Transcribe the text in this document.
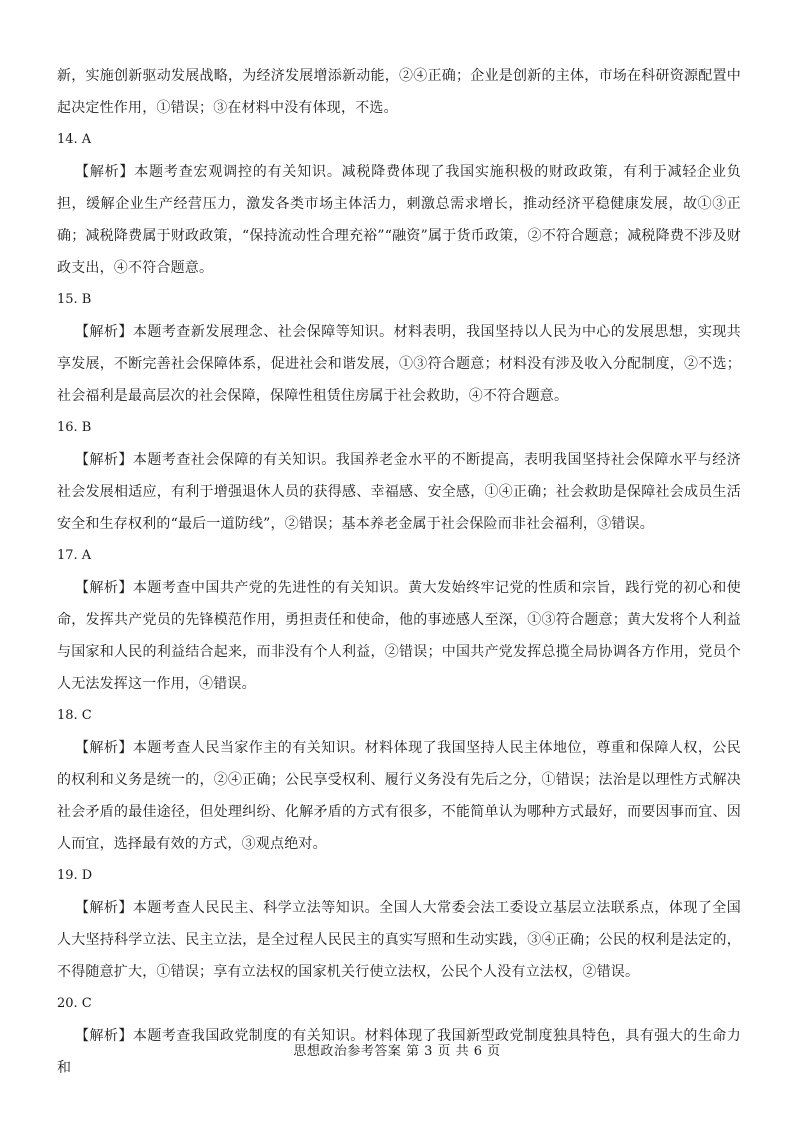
新，实施创新驱动发展战略，为经济发展增添新动能，②④正确；企业是创新的主体，市场在科研资源配置中起决定性作用，①错误；③在材料中没有体现，不选。

14. A

【解析】本题考查宏观调控的有关知识。减税降费体现了我国实施积极的财政政策，有利于减轻企业负担，缓解企业生产经营压力，激发各类市场主体活力，刺激总需求增长，推动经济平稳健康发展，故①③正确；减税降费属于财政政策，“保持流动性合理充裕”“融资”属于货币政策，②不符合题意；减税降费不涉及财政支出，④不符合题意。

15. B

【解析】本题考查新发展理念、社会保障等知识。材料表明，我国坚持以人民为中心的发展思想，实现共享发展，不断完善社会保障体系，促进社会和谐发展，①③符合题意；材料没有涉及收入分配制度，②不选；社会福利是最高层次的社会保障，保障性租赁住房属于社会救助，④不符合题意。

16. B

【解析】本题考查社会保障的有关知识。我国养老金水平的不断提高，表明我国坚持社会保障水平与经济社会发展相适应，有利于增强退休人员的获得感、幸福感、安全感，①④正确；社会救助是保障社会成员生活安全和生存权利的“最后一道防线”，②错误；基本养老金属于社会保险而非社会福利，③错误。

17. A

【解析】本题考查中国共产党的先进性的有关知识。黄大发始终牢记党的性质和宗旨，践行党的初心和使命，发挥共产党员的先锋模范作用，勇担责任和使命，他的事迹感人至深，①③符合题意；黄大发将个人利益与国家和人民的利益结合起来，而非没有个人利益，②错误；中国共产党发挥总揽全局协调各方作用，党员个人无法发挥这一作用，④错误。

18. C

【解析】本题考查人民当家作主的有关知识。材料体现了我国坚持人民主体地位，尊重和保障人权，公民的权利和义务是统一的，②④正确；公民享受权利、履行义务没有先后之分，①错误；法治是以理性方式解决社会矛盾的最佳途径，但处理纠纷、化解矛盾的方式有很多，不能简单认为哪种方式最好，而要因事而宜、因人而宜，选择最有效的方式，③观点绝对。

19. D

【解析】本题考查人民民主、科学立法等知识。全国人大常委会法工委设立基层立法联系点，体现了全国人大坚持科学立法、民主立法，是全过程人民民主的真实写照和生动实践，③④正确；公民的权利是法定的，不得随意扩大，①错误；享有立法权的国家机关行使立法权，公民个人没有立法权，②错误。

20. C

【解析】本题考查我国政党制度的有关知识。材料体现了我国新型政党制度独具特色，具有强大的生命力和

思想政治参考答案 第 3 页 共 6 页
